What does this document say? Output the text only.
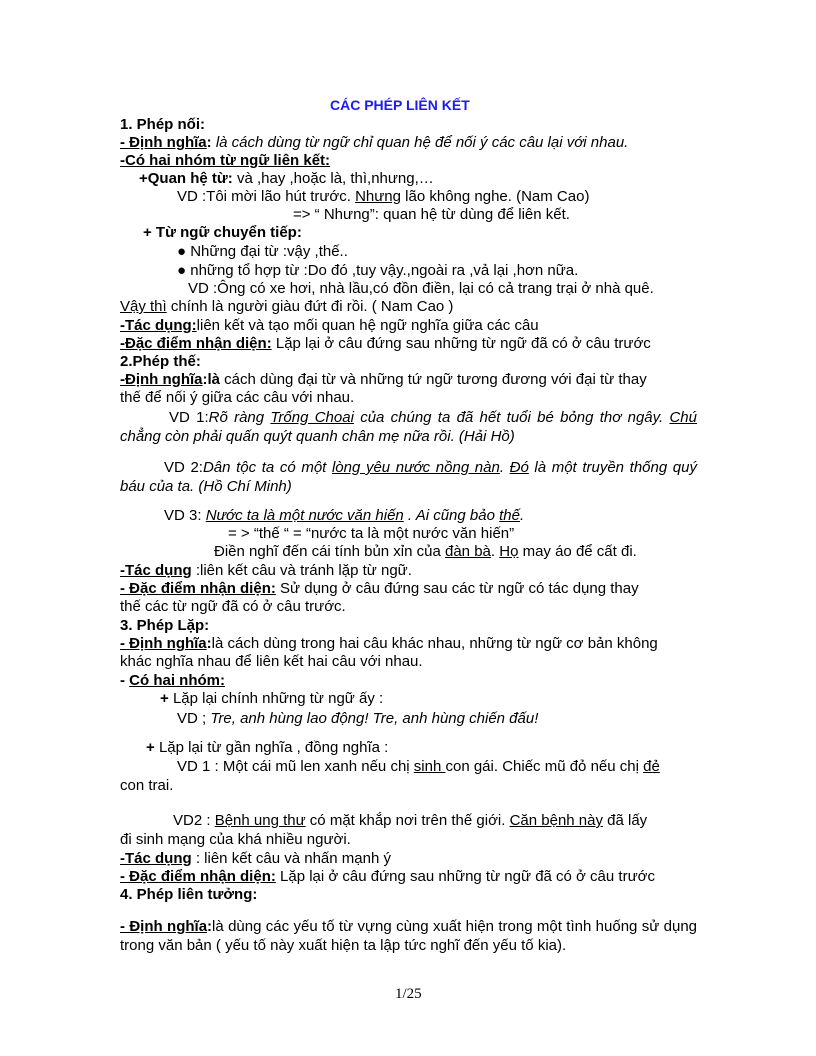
CÁC PHÉP LIÊN KẾT
1. Phép nối:
- Định nghĩa: là cách dùng từ ngữ chỉ quan hệ để nối ý các câu lại với nhau.
-Có hai nhóm từ ngữ liên kết:
+Quan hệ từ: và ,hay ,hoặc là, thì,nhưng,…
VD :Tôi mời lão hút trước. Nhưng lão không nghe. (Nam Cao)
=> “ Nhưng”: quan hệ từ dùng để liên kết.
+ Từ ngữ chuyển tiếp:
● Những đại từ :vậy ,thế..
● những tổ hợp từ :Do đó ,tuy vậy.,ngoài ra ,vả lại ,hơn nữa.
VD :Ông có xe hơi, nhà lầu,có đồn điền, lại có cả trang trại ở nhà quê.
Vậy thì chính là người giàu đứt đi rồi. ( Nam Cao )
-Tác dụng:liên kết và tạo mối quan hệ ngữ nghĩa giữa các câu
-Đặc điểm nhận diện: Lặp lại ở câu đứng sau những từ ngữ đã có ở câu trước
2.Phép thế:
-Định nghĩa:là cách dùng đại từ và những tứ ngữ tương đương với đại từ thay
thế để nối ý giữa các câu với nhau.
VD 1:Rõ ràng Trống Choai của chúng ta đã hết tuổi bé bỏng thơ ngây. Chú chẳng còn phải quấn quýt quanh chân mẹ nữa rồi. (Hải Hồ)
VD 2:Dân tộc ta có một lòng yêu nước nồng nàn. Đó là một truyền thống quý báu của ta. (Hồ Chí Minh)
VD 3: Nước ta là một nước văn hiến . Ai cũng bảo thế.
= > “thế “ = “nước ta là một nước văn hiến”
Điền nghĩ đến cái tính bủn xỉn của đàn bà. Họ may áo để cất đi.
-Tác dụng :liên kết câu và tránh lặp từ ngữ.
- Đặc điểm nhận diện: Sử dụng ở câu đứng sau các từ ngữ có tác dụng thay
thế các từ ngữ đã có ở câu trước.
3. Phép Lặp:
- Định nghĩa:là cách dùng trong hai câu khác nhau, những từ ngữ cơ bản không
khác nghĩa nhau để liên kết hai câu với nhau.
- Có hai nhóm:
+ Lặp lại chính những từ ngữ ấy :
VD ; Tre, anh hùng lao động! Tre, anh hùng chiến đấu!
+ Lặp lại từ gần nghĩa , đồng nghĩa :
VD 1 : Một cái mũ len xanh nếu chị sinh con gái. Chiếc mũ đỏ nếu chị đẻ
con trai.
VD2 : Bệnh ung thư có mặt khắp nơi trên thế giới. Căn bệnh này đã lấy
đi sinh mạng của khá nhiều người.
-Tác dụng : liên kết câu và nhấn mạnh ý
- Đặc điểm nhận diện: Lặp lại ở câu đứng sau những từ ngữ đã có ở câu trước
4. Phép liên tưởng:
- Định nghĩa:là dùng các yếu tố từ vựng cùng xuất hiện trong một tình huống sử dụng trong văn bản ( yếu tố này xuất hiện ta lập tức nghĩ đến yếu tố kia).
1/25
